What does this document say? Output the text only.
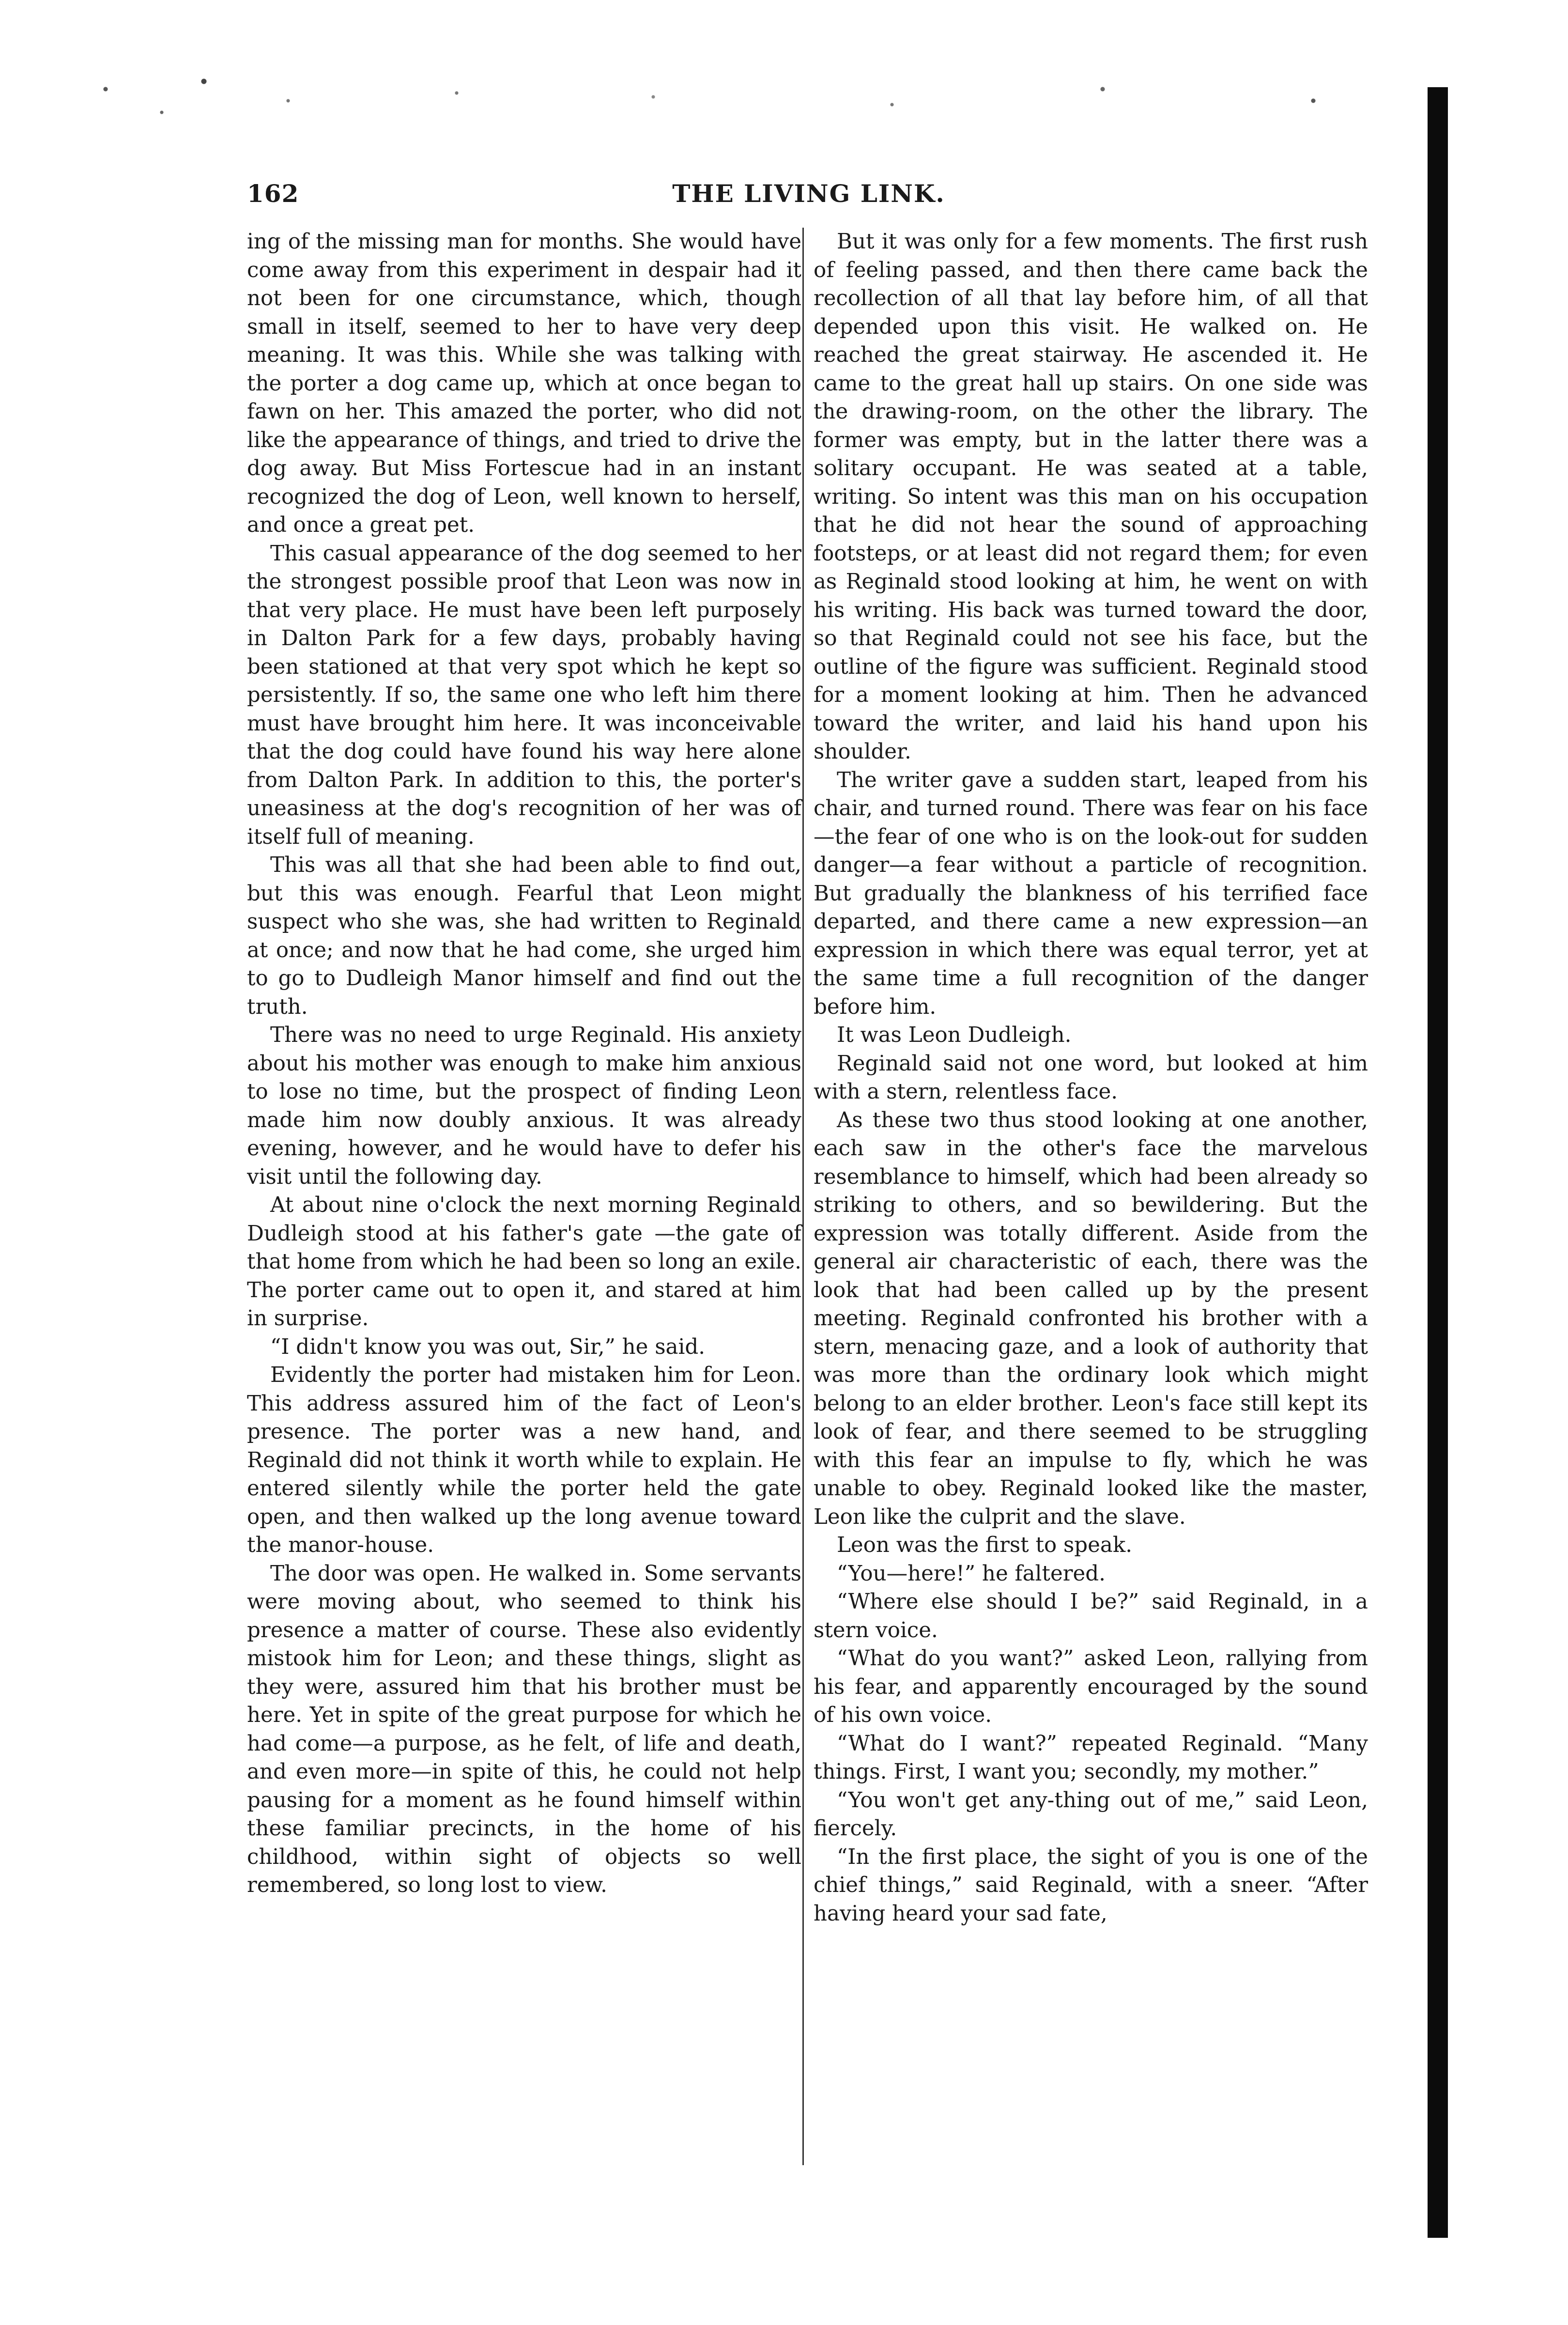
162	THE LIVING LINK.

ing of the missing man for months. She would have come away from this experiment in despair had it not been for one circumstance, which, though small in itself, seemed to her to have very deep meaning. It was this. While she was talking with the porter a dog came up, which at once began to fawn on her. This amazed the porter, who did not like the appearance of things, and tried to drive the dog away. But Miss Fortescue had in an instant recognized the dog of Leon, well known to herself, and once a great pet.

This casual appearance of the dog seemed to her the strongest possible proof that Leon was now in that very place. He must have been left purposely in Dalton Park for a few days, probably having been stationed at that very spot which he kept so persistently. If so, the same one who left him there must have brought him here. It was inconceivable that the dog could have found his way here alone from Dalton Park. In addition to this, the porter's uneasiness at the dog's recognition of her was of itself full of meaning.

This was all that she had been able to find out, but this was enough. Fearful that Leon might suspect who she was, she had written to Reginald at once; and now that he had come, she urged him to go to Dudleigh Manor himself and find out the truth.

There was no need to urge Reginald. His anxiety about his mother was enough to make him anxious to lose no time, but the prospect of finding Leon made him now doubly anxious. It was already evening, however, and he would have to defer his visit until the following day.

At about nine o'clock the next morning Reginald Dudleigh stood at his father's gate —the gate of that home from which he had been so long an exile. The porter came out to open it, and stared at him in surprise.

“I didn't know you was out, Sir,” he said.

Evidently the porter had mistaken him for Leon. This address assured him of the fact of Leon's presence. The porter was a new hand, and Reginald did not think it worth while to explain. He entered silently while the porter held the gate open, and then walked up the long avenue toward the manor-house.

The door was open. He walked in. Some servants were moving about, who seemed to think his presence a matter of course. These also evidently mistook him for Leon; and these things, slight as they were, assured him that his brother must be here. Yet in spite of the great purpose for which he had come—a purpose, as he felt, of life and death, and even more—in spite of this, he could not help pausing for a moment as he found himself within these familiar precincts, in the home of his childhood, within sight of objects so well remembered, so long lost to view.

But it was only for a few moments. The first rush of feeling passed, and then there came back the recollection of all that lay before him, of all that depended upon this visit. He walked on. He reached the great stairway. He ascended it. He came to the great hall up stairs. On one side was the drawing-room, on the other the library. The former was empty, but in the latter there was a solitary occupant. He was seated at a table, writing. So intent was this man on his occupation that he did not hear the sound of approaching footsteps, or at least did not regard them; for even as Reginald stood looking at him, he went on with his writing. His back was turned toward the door, so that Reginald could not see his face, but the outline of the figure was sufficient. Reginald stood for a moment looking at him. Then he advanced toward the writer, and laid his hand upon his shoulder.

The writer gave a sudden start, leaped from his chair, and turned round. There was fear on his face—the fear of one who is on the look-out for sudden danger—a fear without a particle of recognition. But gradually the blankness of his terrified face departed, and there came a new expression—an expression in which there was equal terror, yet at the same time a full recognition of the danger before him.

It was Leon Dudleigh.

Reginald said not one word, but looked at him with a stern, relentless face.

As these two thus stood looking at one another, each saw in the other's face the marvelous resemblance to himself, which had been already so striking to others, and so bewildering. But the expression was totally different. Aside from the general air characteristic of each, there was the look that had been called up by the present meeting. Reginald confronted his brother with a stern, menacing gaze, and a look of authority that was more than the ordinary look which might belong to an elder brother. Leon's face still kept its look of fear, and there seemed to be struggling with this fear an impulse to fly, which he was unable to obey. Reginald looked like the master, Leon like the culprit and the slave.

Leon was the first to speak.

“You—here!” he faltered.

“Where else should I be?” said Reginald, in a stern voice.

“What do you want?” asked Leon, rallying from his fear, and apparently encouraged by the sound of his own voice.

“What do I want?” repeated Reginald. “Many things. First, I want you; secondly, my mother.”

“You won't get any-thing out of me,” said Leon, fiercely.

“In the first place, the sight of you is one of the chief things,” said Reginald, with a sneer. “After having heard your sad fate,
